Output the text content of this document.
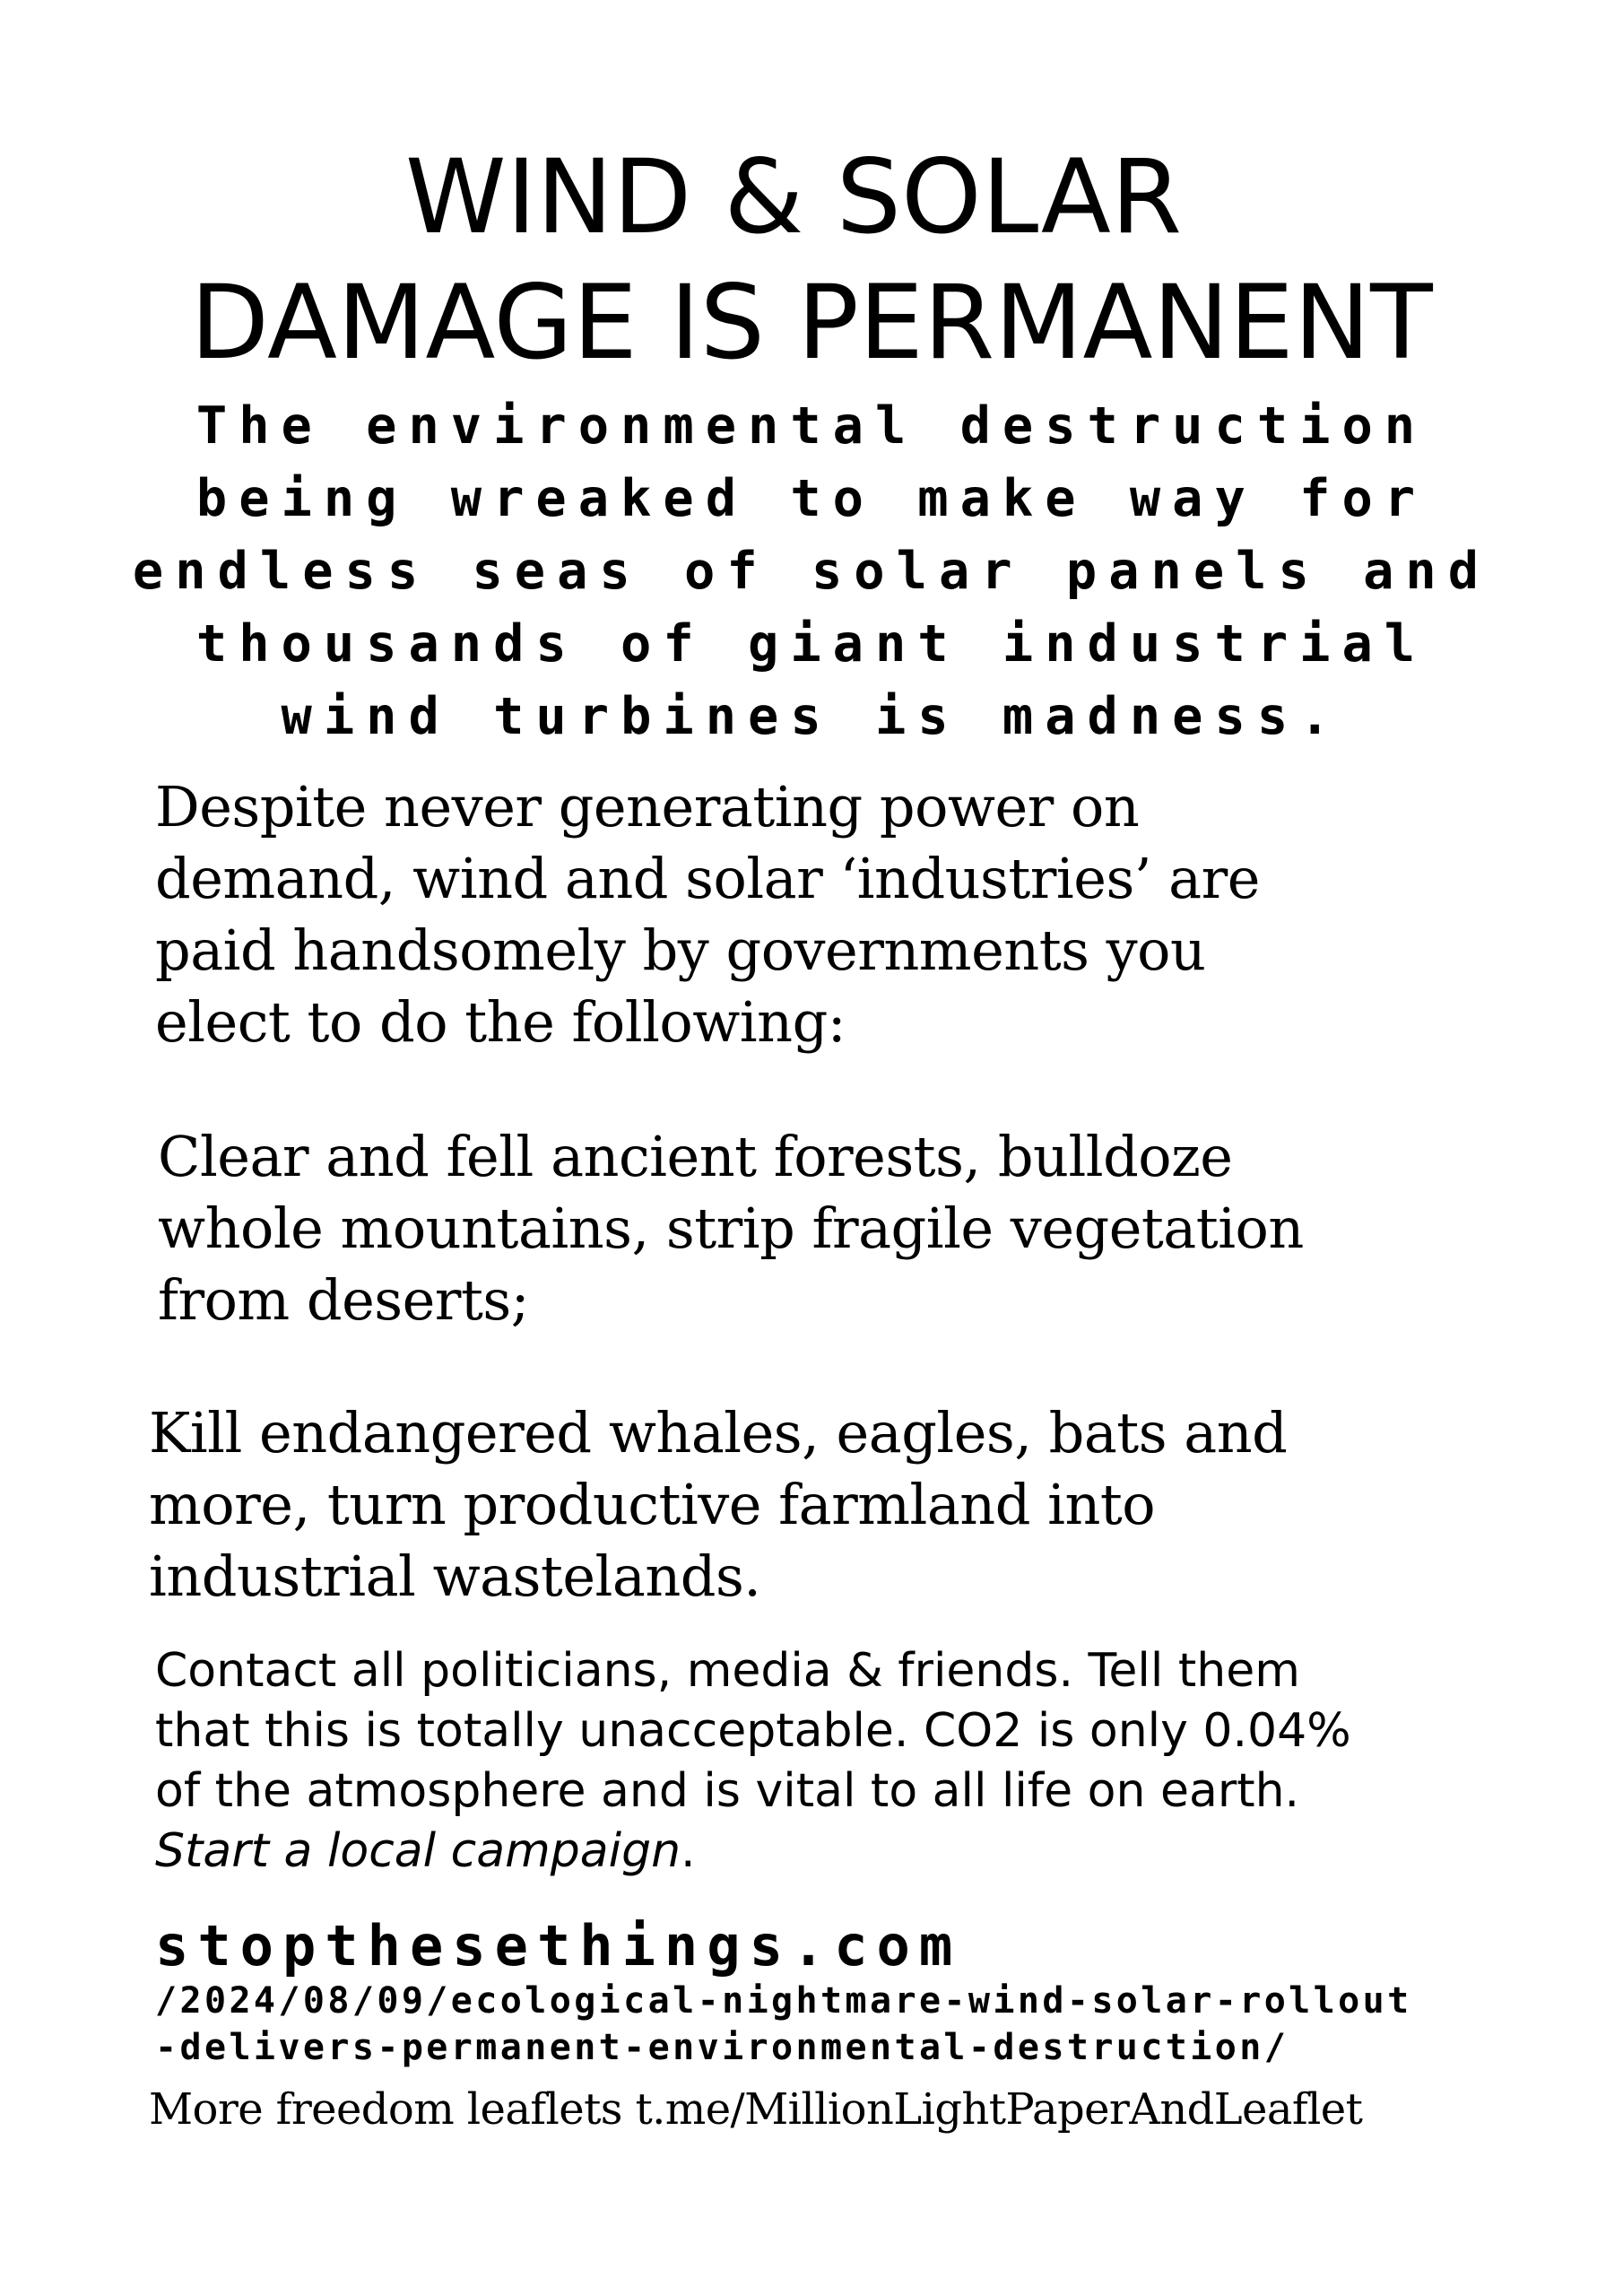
WIND & SOLAR
DAMAGE IS PERMANENT

The environmental destruction being wreaked to make way for endless seas of solar panels and thousands of giant industrial wind turbines is madness.

Despite never generating power on
demand, wind and solar ‘industries’ are
paid handsomely by governments you
elect to do the following:

Clear and fell ancient forests, bulldoze
whole mountains, strip fragile vegetation
from deserts;

Kill endangered whales, eagles, bats and
more, turn productive farmland into
industrial wastelands.

Contact all politicians, media & friends. Tell them
that this is totally unacceptable. CO2 is only 0.04%
of the atmosphere and is vital to all life on earth.
Start a local campaign.

stopthesethings.com

/2024/08/09/ecological-nightmare-wind-solar-rollout

-delivers-permanent-environmental-destruction/

More freedom leaflets t.me/MillionLightPaperAndLeaflet
